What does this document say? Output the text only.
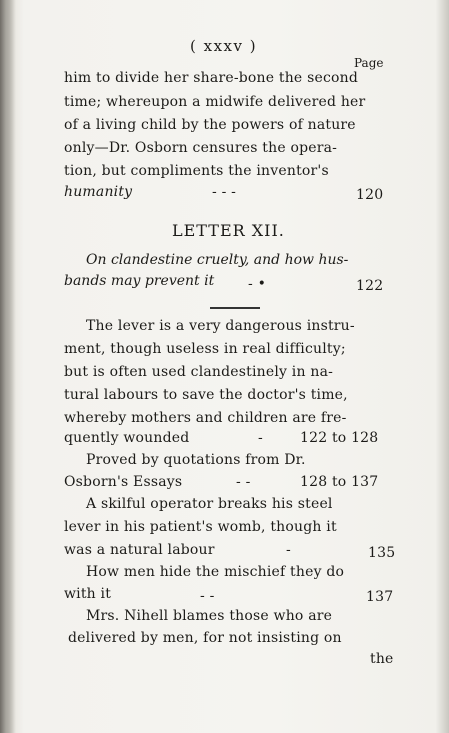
( xxxv )
Page
him to divide her share-bone the second
time; whereupon a midwife delivered her
of a living child by the powers of nature
only—Dr. Osborn censures the opera-
tion, but compliments the inventor's
humanity	- - -	120
LETTER XII.
On clandestine cruelty, and how hus-
bands may prevent it - •	122
The lever is a very dangerous instru-
ment, though useless in real difficulty;
but is often used clandestinely in na-
tural labours to save the doctor's time,
whereby mothers and children are fre-
quently wounded	-	122 to 128
Proved by quotations from Dr.
Osborn's Essays	- -	128 to 137
A skilful operator breaks his steel
lever in his patient's womb, though it
was a natural labour	-	135
How men hide the mischief they do
with it	- -	137
Mrs. Nihell blames those who are
delivered by men, for not insisting on
the
